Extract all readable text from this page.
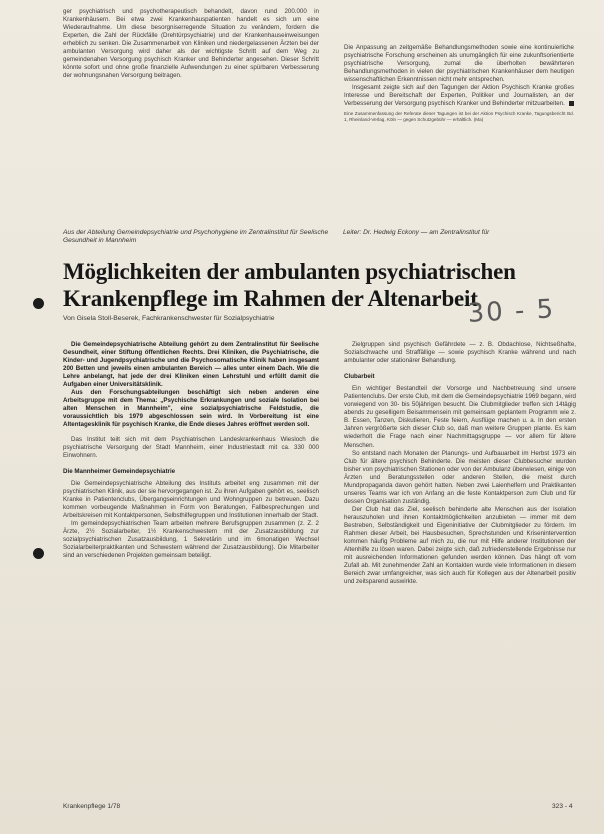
ger psychiatrisch und psychotherapeutisch behandelt, davon rund 200.000 in Krankenhäusern. Bei etwa zwei Krankenhauspatienten handelt es sich um eine Wiederaufnahme. Um diese besorgniserregende Situation zu verändern, fordern die Experten, die Zahl der Rückfälle (Drehtürpsychiatrie) und der Krankenhauseinweisungen erheblich zu senken. Die Zusammenarbeit von Kliniken und niedergelassenen Ärzten bei der ambulanten Versorgung wird daher als der wichtigste Schritt auf dem Weg zu gemeindenahen Versorgung psychisch Kranker und Behinderter angesehen. Dieser Schritt könnte sofort und ohne große finanzielle Aufwendungen zu einer spürbaren Verbesserung der wohnungsnahen Versorgung beitragen.

Die Anpassung an zeitgemäße Behandlungsmethoden sowie eine kontinuierliche psychiatrische Forschung erscheinen als unumgänglich für eine zukunftsorientierte psychiatrische Versorgung, zumal die überholten bewährteren Behandlungsmethoden in vielen der psychiatrischen Krankenhäuser dem heutigen wissenschaftlichen Erkenntnissen nicht mehr entsprechen.

Insgesamt zeigte sich auf den Tagungen der Aktion Psychisch Kranke großes Interesse und Bereitschaft der Experten, Politiker und Journalisten, an der Verbesserung der Versorgung psychisch Kranker und Behinderter mitzuarbeiten.

Eine Zusammenfassung der Referate dieser Tagungen ist bei der Aktion Psychisch Kranke, Tagungsbericht Bd. 1, Rheinland-Verlag, Köln — gegen Schutzgebühr — erhältlich. (Ma)

Aus der Abteilung Gemeindepsychiatrie und Psychohygiene im Zentralinstitut für Seelische Gesundheit in Mannheim
Leiter: Dr. Hedwig Eckony — am Zentralinstitut für
Möglichkeiten der ambulanten psychiatrischen
Krankenpflege im Rahmen der Altenarbeit
30 - 5
Von Gisela Stoll-Beserek, Fachkrankenschwester für Sozialpsychiatrie

Die Gemeindepsychiatrische Abteilung gehört zu dem Zentralinstitut für Seelische Gesundheit, einer Stiftung öffentlichen Rechts. Drei Kliniken, die Psychiatrische, die Kinder- und Jugendpsychiatrische und die Psychosomatische Klinik haben insgesamt 200 Betten und jeweils einen ambulanten Bereich — alles unter einem Dach. Wie die Lehre anbelangt, hat jede der drei Kliniken einen Lehrstuhl und erfüllt damit die Aufgaben einer Universitätsklinik.

Aus den Forschungsabteilungen beschäftigt sich neben anderen eine Arbeitsgruppe mit dem Thema: „Psychische Erkrankungen und soziale Isolation bei alten Menschen in Mannheim", eine sozialpsychiatrische Feldstudie, die voraussichtlich bis 1979 abgeschlossen sein wird. In Vorbereitung ist eine Altentagesklinik für psychisch Kranke, die Ende dieses Jahres eröffnet werden soll.

Das Institut teilt sich mit dem Psychiatrischen Landeskrankenhaus Wiesloch die psychiatrische Versorgung der Stadt Mannheim, einer Industriestadt mit ca. 330 000 Einwohnern.

Die Mannheimer Gemeindepsychiatrie

Die Gemeindepsychiatrische Abteilung des Instituts arbeitet eng zusammen mit der psychiatrischen Klinik, aus der sie hervorgegangen ist. Zu ihren Aufgaben gehört es, seelisch Kranke in Patientenclubs, Übergangseinrichtungen und Wohngruppen zu betreuen. Dazu kommen vorbeugende Maßnahmen in Form von Beratungen, Fallbesprechungen und Arbeitskreisen mit Kontaktpersonen, Selbsthilfegruppen und Institutionen innerhalb der Stadt.

Im gemeindepsychiatrischen Team arbeiten mehrere Berufsgruppen zusammen (z. Z. 2 Ärzte, 2½ Sozialarbeiter, 1½ Krankenschwestern mit der Zusatzausbildung zur sozialpsychiatrischen Zusatzausbildung, 1 Sekretärin und im 6monatigen Wechsel Sozialarbeiterpraktikanten und Schwestern während der Zusatzausbildung). Die Mitarbeiter sind an verschiedenen Projekten gemeinsam beteiligt.

Zielgruppen sind psychisch Gefährdete — z. B. Obdachlose, Nichtseßhafte, Sozialschwache und Straffällige — sowie psychisch Kranke während und nach ambulanter oder stationärer Behandlung.

Clubarbeit

Ein wichtiger Bestandteil der Vorsorge und Nachbetreuung sind unsere Patientenclubs. Der erste Club, mit dem die Gemeindepsychiatrie 1969 begann, wird vorwiegend von 30- bis 50jährigen besucht. Die Clubmitglieder treffen sich 14tägig abends zu geselligem Beisammensein mit gemeinsam geplantem Programm wie z. B. Essen, Tanzen, Diskutieren, Feste feiern, Ausflüge machen u. a. In den ersten Jahren vergrößerte sich dieser Club so, daß man weitere Gruppen plante. Es kam wiederholt die Frage nach einer Nachmittagsgruppe — vor allem für ältere Menschen.

So entstand nach Monaten der Planungs- und Aufbauarbeit im Herbst 1973 ein Club für ältere psychisch Behinderte. Die meisten dieser Clubbesucher wurden bisher von psychiatrischen Stationen oder von der Ambulanz überwiesen, einige von Ärzten und Beratungsstellen oder anderen Stellen, die meist durch Mundpropaganda davon gehört hatten. Neben zwei Laienhelfern und Praktikanten unseres Teams war ich von Anfang an die feste Kontaktperson zum Club und für dessen Organisation zuständig.

Der Club hat das Ziel, seelisch behinderte alte Menschen aus der Isolation herauszuholen und ihnen Kontaktmöglichkeiten anzubieten — immer mit dem Bestreben, Selbständigkeit und Eigeninitiative der Clubmitglieder zu fördern. Im Rahmen dieser Arbeit, bei Hausbesuchen, Sprechstunden und Krisenintervention kommen häufig Probleme auf mich zu, die nur mit Hilfe anderer Institutionen der Altenhilfe zu lösen waren. Dabei zeigte sich, daß zufriedenstellende Ergebnisse nur mit ausreichenden Informationen gefunden werden können. Das hängt oft vom Zufall ab. Mit zunehmender Zahl an Kontakten wurde viele Informationen in diesem Bereich zwar umfangreicher, was sich auch für Kollegen aus der Altenarbeit positiv und zeitsparend auswirkte.

Krankenpflege 1/78	323 - 4
